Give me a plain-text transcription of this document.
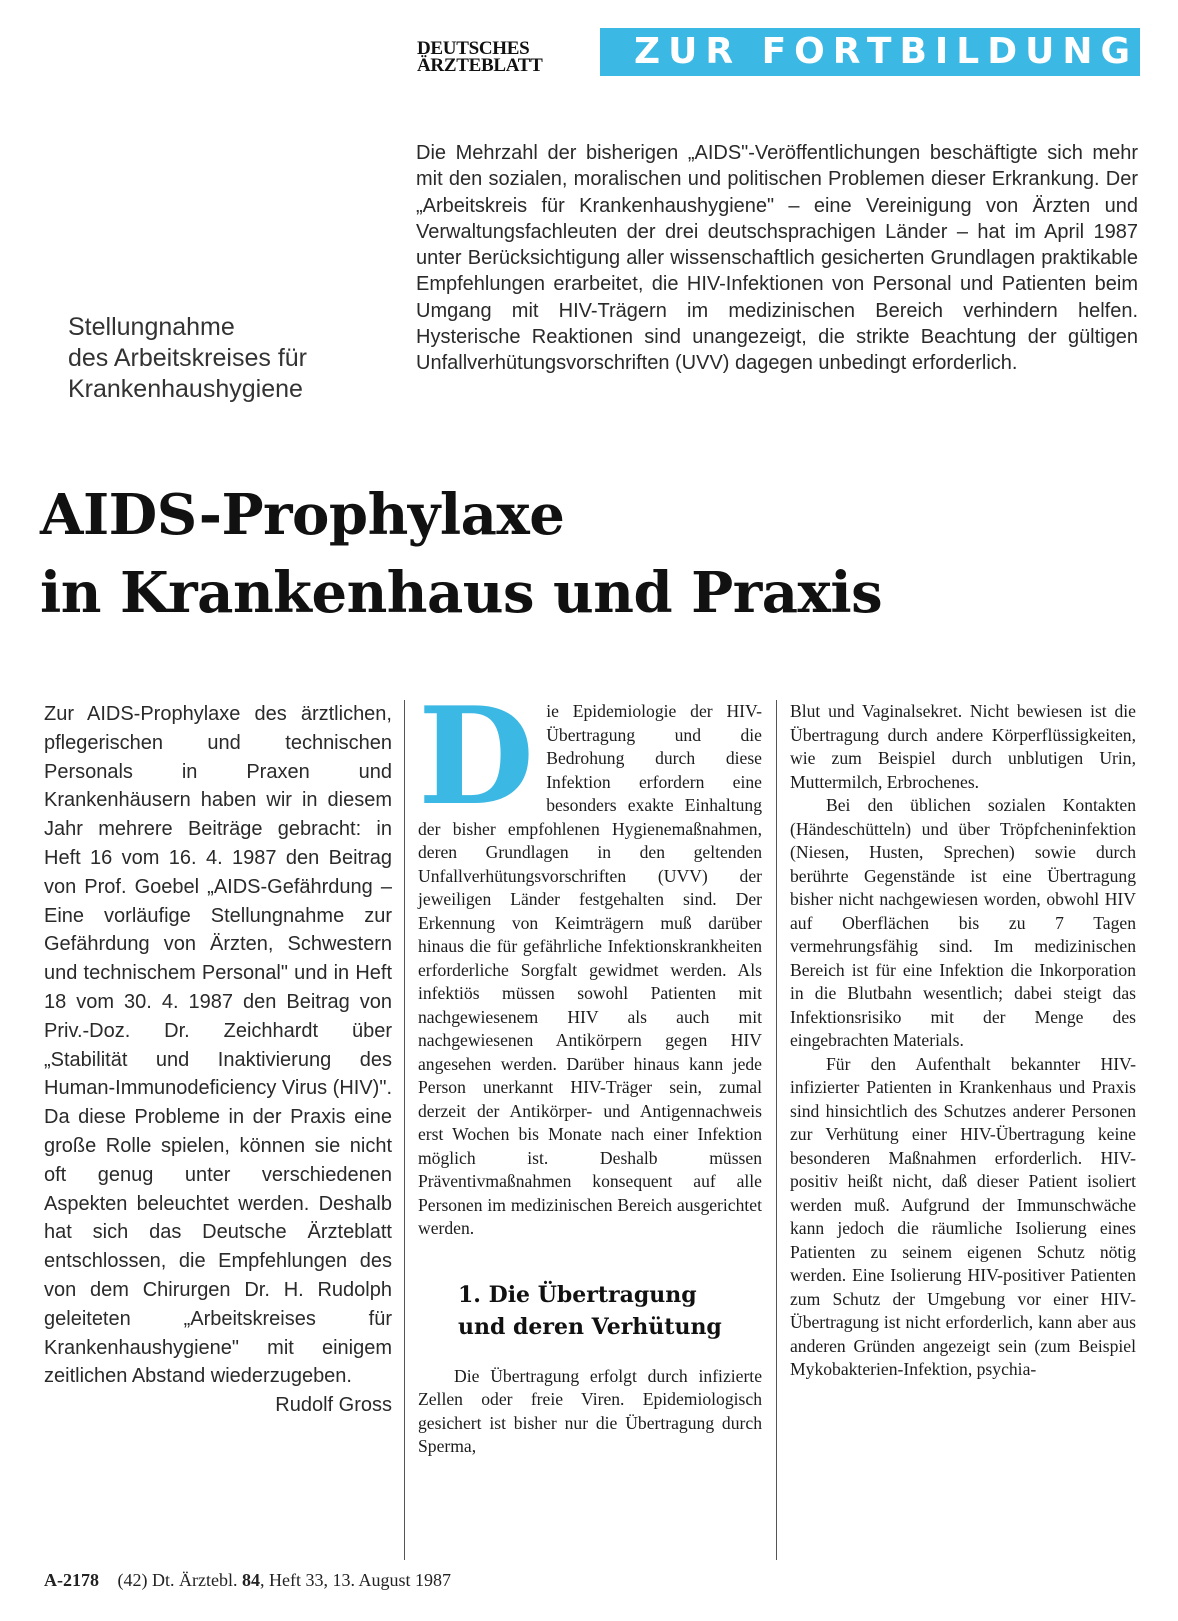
DEUTSCHES
ÄRZTEBLATT	ZUR FORTBILDUNG
Stellungnahme
des Arbeitskreises für
Krankenhaushygiene
Die Mehrzahl der bisherigen „AIDS"-Veröffentlichungen beschäftigte sich mehr mit den sozialen, moralischen und politischen Problemen dieser Erkrankung. Der „Arbeitskreis für Krankenhaushygiene" – eine Vereinigung von Ärzten und Verwaltungsfachleuten der drei deutschsprachigen Länder – hat im April 1987 unter Berücksichtigung aller wissenschaftlich gesicherten Grundlagen praktikable Empfehlungen erarbeitet, die HIV-Infektionen von Personal und Patienten beim Umgang mit HIV-Trägern im medizinischen Bereich verhindern helfen. Hysterische Reaktionen sind unangezeigt, die strikte Beachtung der gültigen Unfallverhütungsvorschriften (UVV) dagegen unbedingt erforderlich.
AIDS-Prophylaxe
in Krankenhaus und Praxis

Zur AIDS-Prophylaxe des ärztlichen, pflegerischen und technischen Personals in Praxen und Krankenhäusern haben wir in diesem Jahr mehrere Beiträge gebracht: in Heft 16 vom 16. 4. 1987 den Beitrag von Prof. Goebel „AIDS-Gefährdung – Eine vorläufige Stellungnahme zur Gefährdung von Ärzten, Schwestern und technischem Personal" und in Heft 18 vom 30. 4. 1987 den Beitrag von Priv.-Doz. Dr. Zeichhardt über „Stabilität und Inaktivierung des Human-Immunodeficiency Virus (HIV)". Da diese Probleme in der Praxis eine große Rolle spielen, können sie nicht oft genug unter verschiedenen Aspekten beleuchtet werden. Deshalb hat sich das Deutsche Ärzteblatt entschlossen, die Empfehlungen des von dem Chirurgen Dr. H. Rudolph geleiteten „Arbeitskreises für Krankenhaushygiene" mit einigem zeitlichen Abstand wiederzugeben.

Rudolf Gross

Die Epidemiologie der HIV-Übertragung und die Bedrohung durch diese Infektion erfordern eine besonders exakte Einhaltung der bisher empfohlenen Hygienemaßnahmen, deren Grundlagen in den geltenden Unfallverhütungsvorschriften (UVV) der jeweiligen Länder festgehalten sind. Der Erkennung von Keimträgern muß darüber hinaus die für gefährliche Infektionskrankheiten erforderliche Sorgfalt gewidmet werden. Als infektiös müssen sowohl Patienten mit nachgewiesenem HIV als auch mit nachgewiesenen Antikörpern gegen HIV angesehen werden. Darüber hinaus kann jede Person unerkannt HIV-Träger sein, zumal derzeit der Antikörper- und Antigennachweis erst Wochen bis Monate nach einer Infektion möglich ist. Deshalb müssen Präventivmaßnahmen konsequent auf alle Personen im medizinischen Bereich ausgerichtet werden.

1. Die Übertragung
und deren Verhütung

Die Übertragung erfolgt durch infizierte Zellen oder freie Viren. Epidemiologisch gesichert ist bisher nur die Übertragung durch Sperma,

Blut und Vaginalsekret. Nicht bewiesen ist die Übertragung durch andere Körperflüssigkeiten, wie zum Beispiel durch unblutigen Urin, Muttermilch, Erbrochenes.

Bei den üblichen sozialen Kontakten (Händeschütteln) und über Tröpfcheninfektion (Niesen, Husten, Sprechen) sowie durch berührte Gegenstände ist eine Übertragung bisher nicht nachgewiesen worden, obwohl HIV auf Oberflächen bis zu 7 Tagen vermehrungsfähig sind. Im medizinischen Bereich ist für eine Infektion die Inkorporation in die Blutbahn wesentlich; dabei steigt das Infektionsrisiko mit der Menge des eingebrachten Materials.

Für den Aufenthalt bekannter HIV-infizierter Patienten in Krankenhaus und Praxis sind hinsichtlich des Schutzes anderer Personen zur Verhütung einer HIV-Übertragung keine besonderen Maßnahmen erforderlich. HIV-positiv heißt nicht, daß dieser Patient isoliert werden muß. Aufgrund der Immunschwäche kann jedoch die räumliche Isolierung eines Patienten zu seinem eigenen Schutz nötig werden. Eine Isolierung HIV-positiver Patienten zum Schutz der Umgebung vor einer HIV-Übertragung ist nicht erforderlich, kann aber aus anderen Gründen angezeigt sein (zum Beispiel Mykobakterien-Infektion, psychia-

A-2178 (42) Dt. Ärztebl. 84, Heft 33, 13. August 1987
